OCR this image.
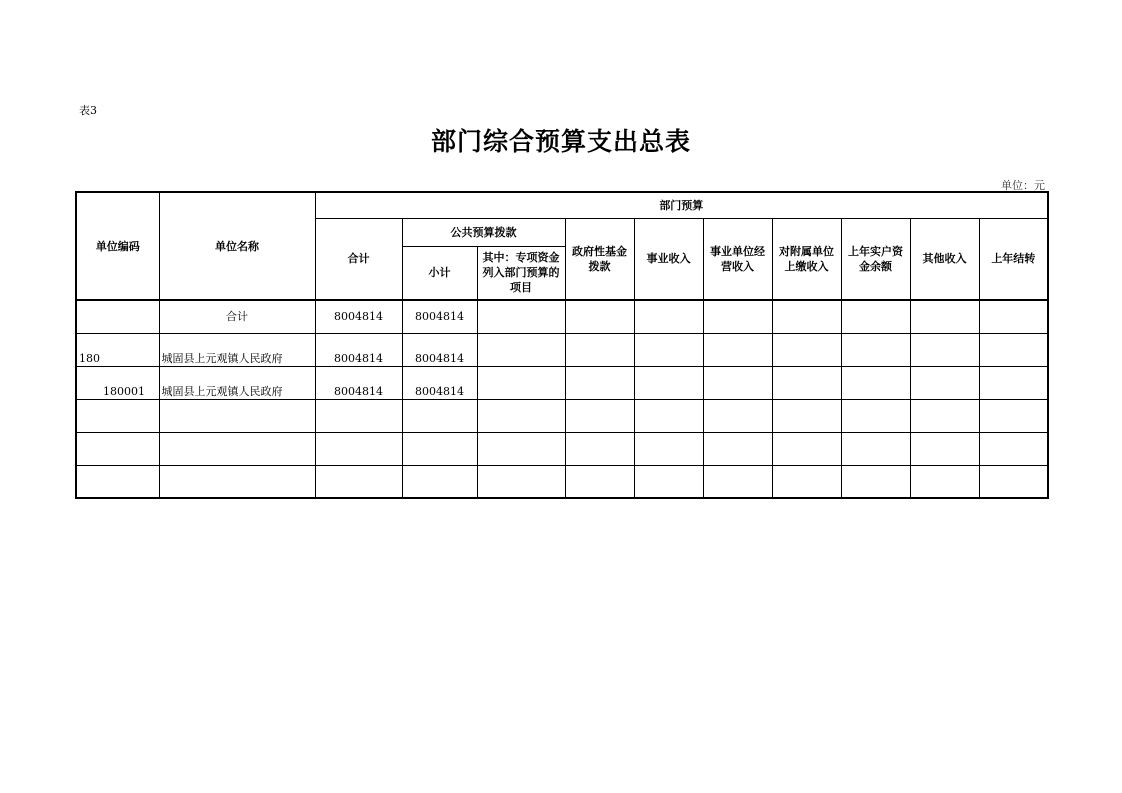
表3
部门综合预算支出总表
单位：元
单位编码	单位名称	部门预算									
		合计	公共预算拨款		政府性基金拨款	事业收入	事业单位经营收入	对附属单位上缴收入	上年实户资金余额	其他收入	上年结转
			小计	其中：专项资金列入部门预算的项目							
	合计	8004814	8004814								
180	城固县上元观镇人民政府	8004814	8004814								
180001	城固县上元观镇人民政府	8004814	8004814								
